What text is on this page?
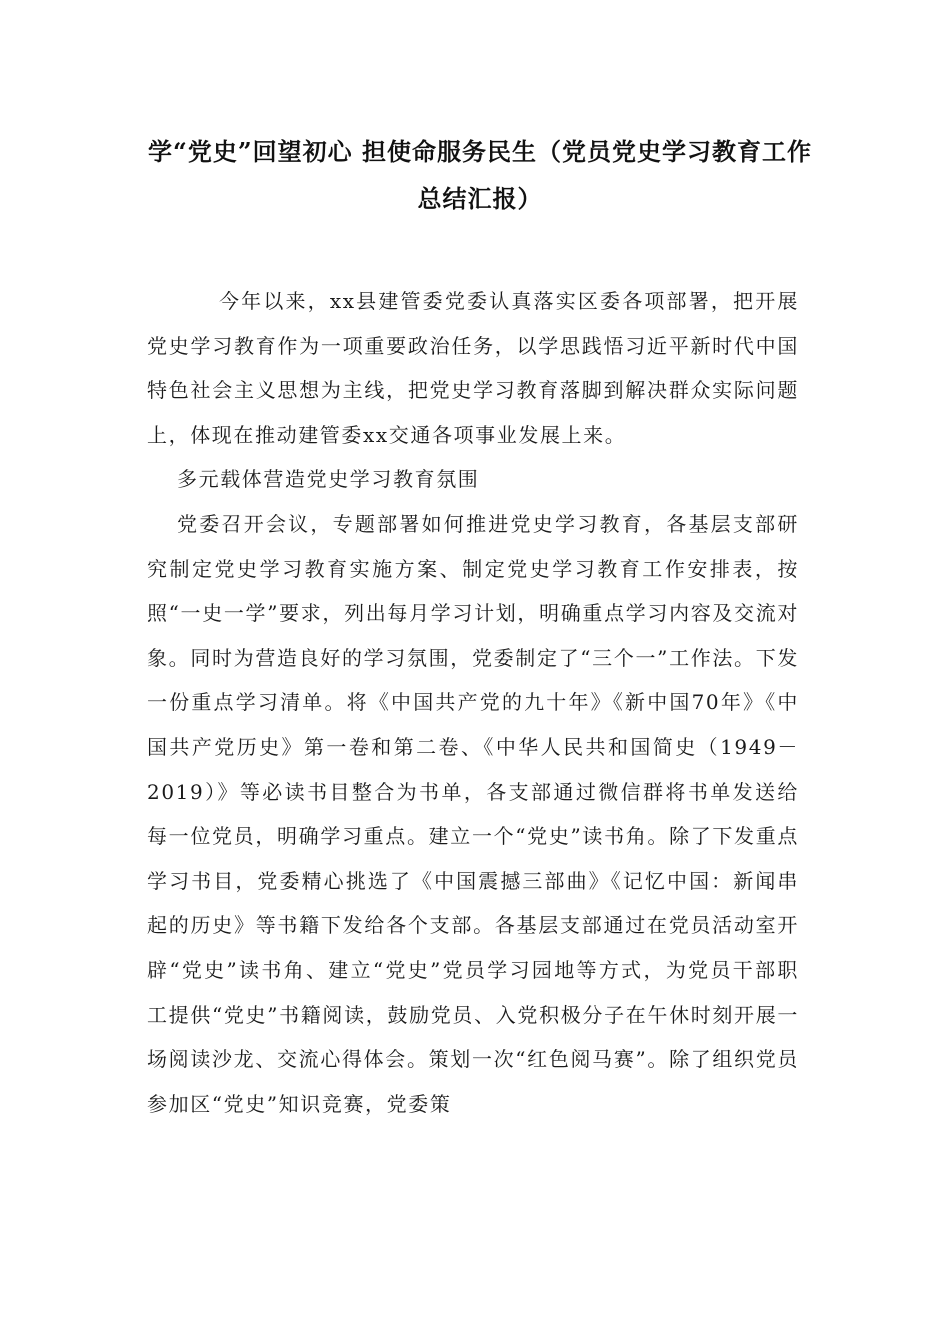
学“党史”回望初心 担使命服务民生（党员党史学习教育工作总结汇报）

今年以来，xx县建管委党委认真落实区委各项部署，把开展党史学习教育作为一项重要政治任务，以学思践悟习近平新时代中国特色社会主义思想为主线，把党史学习教育落脚到解决群众实际问题上，体现在推动建管委xx交通各项事业发展上来。

多元载体营造党史学习教育氛围

党委召开会议，专题部署如何推进党史学习教育，各基层支部研究制定党史学习教育实施方案、制定党史学习教育工作安排表，按照“一史一学”要求，列出每月学习计划，明确重点学习内容及交流对象。同时为营造良好的学习氛围，党委制定了“三个一”工作法。下发一份重点学习清单。将《中国共产党的九十年》《新中国70年》《中国共产党历史》第一卷和第二卷、《中华人民共和国简史（1949－2019）》等必读书目整合为书单，各支部通过微信群将书单发送给每一位党员，明确学习重点。建立一个“党史”读书角。除了下发重点学习书目，党委精心挑选了《中国震撼三部曲》《记忆中国：新闻串起的历史》等书籍下发给各个支部。各基层支部通过在党员活动室开辟“党史”读书角、建立“党史”党员学习园地等方式，为党员干部职工提供“党史”书籍阅读，鼓励党员、入党积极分子在午休时刻开展一场阅读沙龙、交流心得体会。策划一次“红色阅马赛”。除了组织党员参加区“党史”知识竞赛，党委策
